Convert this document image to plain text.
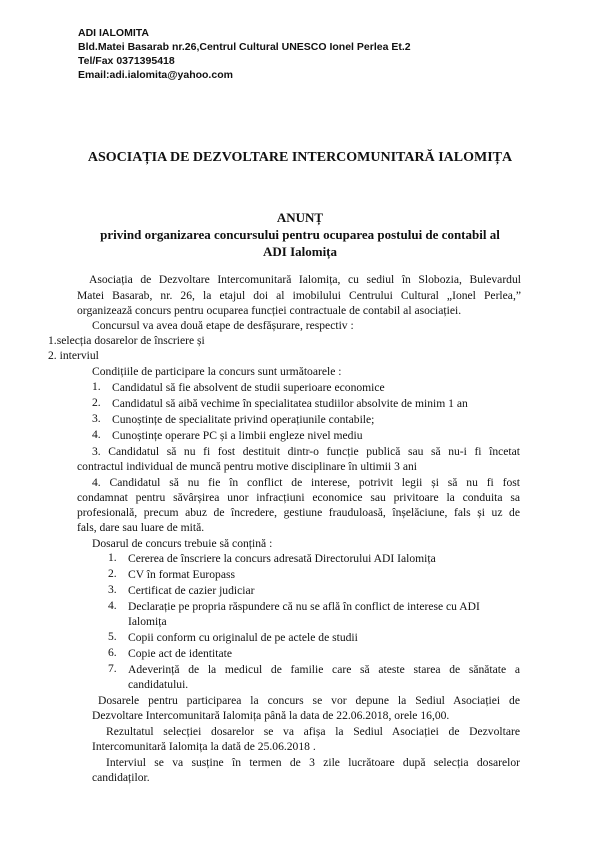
ADI IALOMITA
Bld.Matei Basarab nr.26,Centrul Cultural UNESCO Ionel Perlea Et.2
Tel/Fax 0371395418
Email:adi.ialomita@yahoo.com
ASOCIAȚIA DE DEZVOLTARE INTERCOMUNITARĂ IALOMIȚA
ANUNȚ
privind organizarea concursului pentru ocuparea postului de contabil al
ADI Ialomița
Asociația de Dezvoltare Intercomunitară Ialomița, cu sediul în Slobozia, Bulevardul
Matei Basarab, nr. 26, la etajul doi al imobilului Centrului Cultural „Ionel Perlea,”
organizează concurs pentru ocuparea funcției contractuale de contabil al asociației.
Concursul va avea două etape de desfășurare, respectiv :
1.selecția dosarelor de înscriere și
2. interviul
Condițiile de participare la concurs sunt următoarele :
1. Candidatul să fie absolvent de studii superioare economice
2. Candidatul să aibă vechime în specialitatea studiilor absolvite de minim 1 an
3. Cunoștințe de specialitate privind operațiunile contabile;
4. Cunoștințe operare PC și a limbii engleze nivel mediu
3. Candidatul să nu fi fost destituit dintr-o funcție publică sau să nu-i fi încetat
contractul individual de muncă pentru motive disciplinare în ultimii 3 ani
4. Candidatul să nu fie în conflict de interese, potrivit legii și să nu fi fost
condamnat pentru săvârșirea unor infracțiuni economice sau privitoare la conduita sa
profesională, precum abuz de încredere, gestiune frauduloasă, înșelăciune, fals și uz de
fals, dare sau luare de mită.
Dosarul de concurs trebuie să conțină :
1. Cererea de înscriere la concurs adresată Directorului ADI Ialomița
2. CV în format Europass
3. Certificat de cazier judiciar
4. Declarație pe propria răspundere că nu se află în conflict de interese cu ADI
Ialomița
5. Copii conform cu originalul de pe actele de studii
6. Copie act de identitate
7. Adeverință de la medicul de familie care să ateste starea de sănătate a
candidatului.
Dosarele pentru participarea la concurs se vor depune la Sediul Asociației de
Dezvoltare Intercomunitară Ialomița până la data de 22.06.2018, orele 16,00.
Rezultatul selecției dosarelor se va afișa la Sediul Asociației de Dezvoltare
Intercomunitară Ialomița la dată de 25.06.2018 .
Interviul se va susține în termen de 3 zile lucrătoare după selecția dosarelor
candidaților.
